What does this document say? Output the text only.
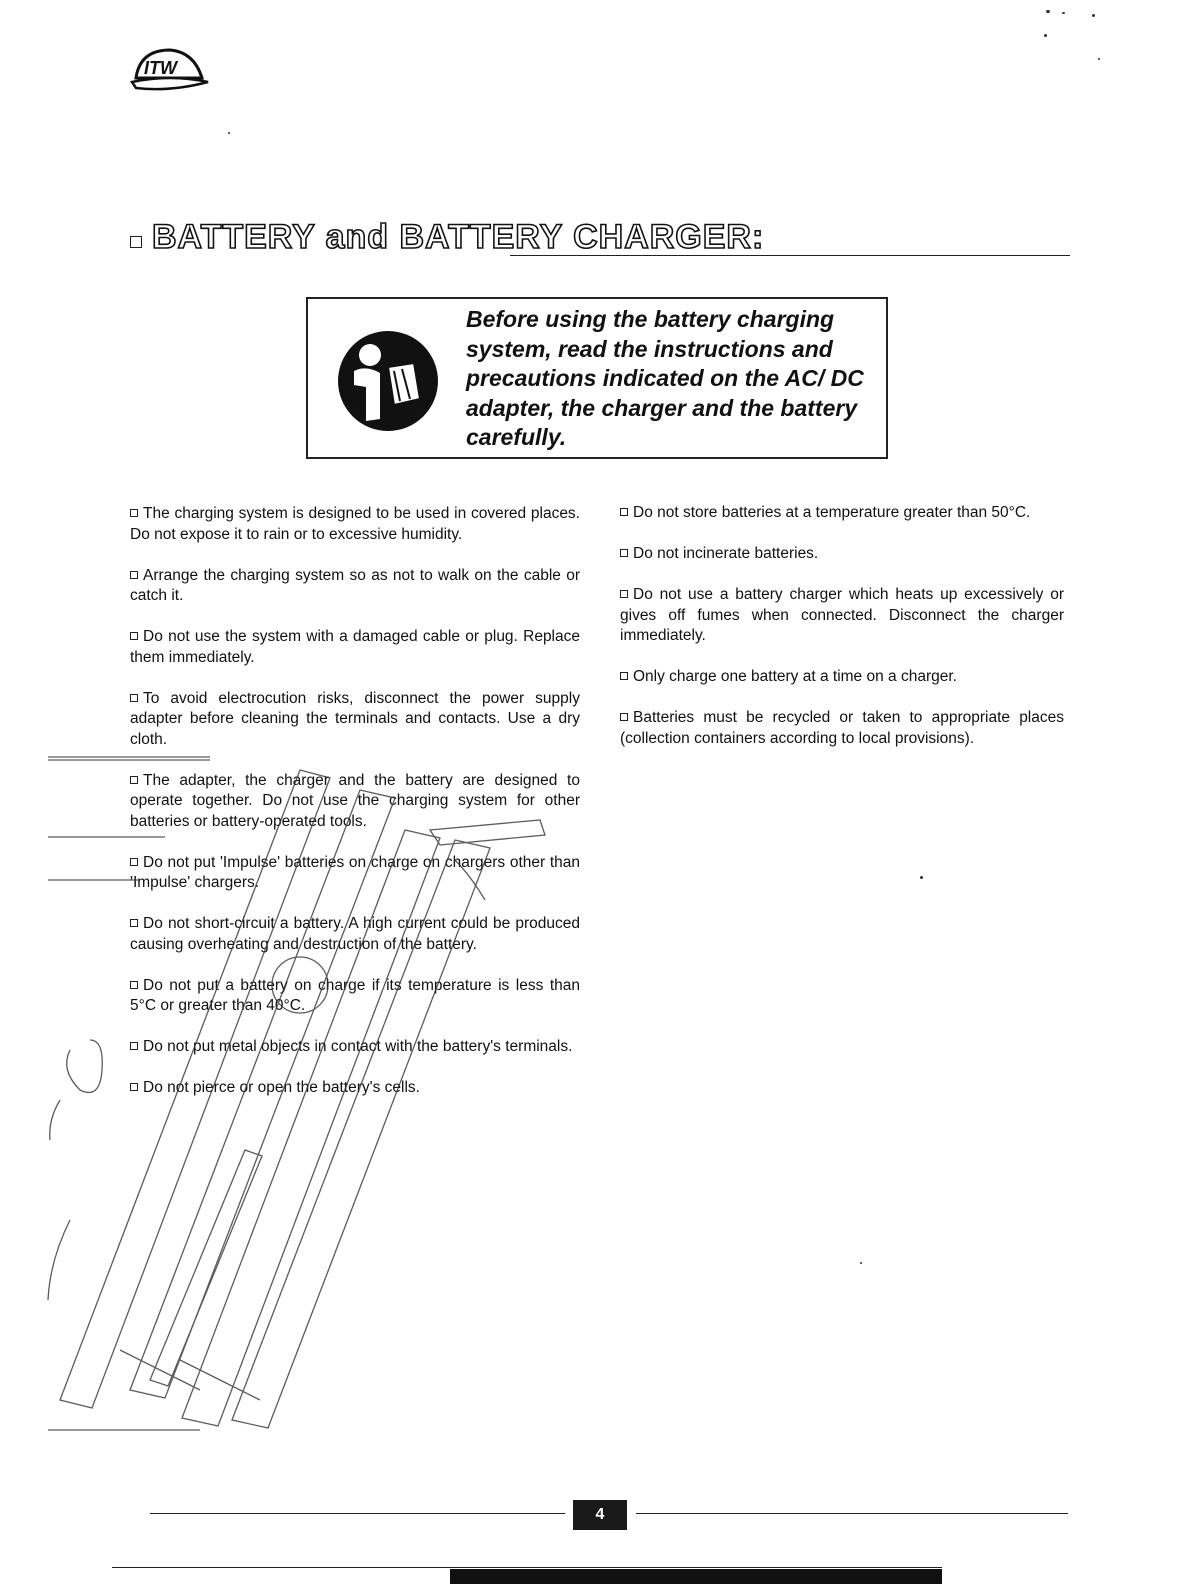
ITW
BATTERY and BATTERY CHARGER:
Before using the battery charging system, read the instructions and precautions indicated on the AC/ DC adapter, the charger and the battery carefully.

The charging system is designed to be used in covered places. Do not expose it to rain or to excessive humidity.

Arrange the charging system so as not to walk on the cable or catch it.

Do not use the system with a damaged cable or plug. Replace them immediately.

To avoid electrocution risks, disconnect the power supply adapter before cleaning the terminals and contacts. Use a dry cloth.

The adapter, the charger and the battery are designed to operate together. Do not use the charging system for other batteries or battery-operated tools.

Do not put 'Impulse' batteries on charge on chargers other than 'Impulse' chargers.

Do not short-circuit a battery. A high current could be produced causing overheating and destruction of the battery.

Do not put a battery on charge if its temperature is less than 5°C or greater than 40°C.

Do not put metal objects in contact with the battery's terminals.

Do not pierce or open the battery's cells.

Do not store batteries at a temperature greater than 50°C.

Do not incinerate batteries.

Do not use a battery charger which heats up excessively or gives off fumes when connected. Disconnect the charger immediately.

Only charge one battery at a time on a charger.

Batteries must be recycled or taken to appropriate places (collection containers according to local provisions).

4
